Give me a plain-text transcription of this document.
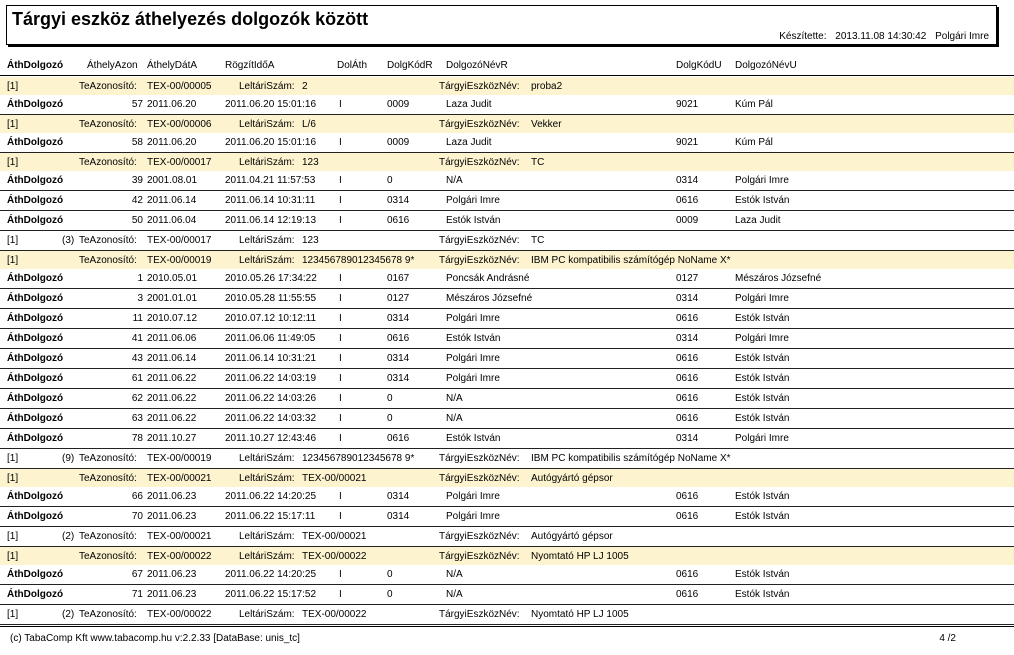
Tárgyi eszköz áthelyezés dolgozók között
Készítette: 2013.11.08 14:30:42 Polgári Imre
ÁthDolgozó ÁthelyAzon ÁthelyDátA	RögzítIdőA	DolÁth DolgKódR DolgozóNévR	DolgKódU DolgozóNévU
[1]	TeAzonosító: TEX-00/00005	LeltáriSzám: 2	TárgyiEszközNév: proba2
ÁthDolgozó	57 2011.06.20	2011.06.20 15:01:16 I	0009	Laza Judit	9021	Kúm Pál
[1]	TeAzonosító: TEX-00/00006	LeltáriSzám: L/6	TárgyiEszközNév: Vekker
ÁthDolgozó	58 2011.06.20	2011.06.20 15:01:16 I	0009	Laza Judit	9021	Kúm Pál
[1]	TeAzonosító: TEX-00/00017	LeltáriSzám: 123	TárgyiEszközNév: TC
ÁthDolgozó	39 2001.08.01	2011.04.21 11:57:53 I	0	N/A	0314	Polgári Imre
ÁthDolgozó	42 2011.06.14	2011.06.14 10:31:11 I	0314	Polgári Imre	0616	Estók István
ÁthDolgozó	50 2011.06.04	2011.06.14 12:19:13 I	0616	Estók István	0009	Laza Judit
[1]	(3) TeAzonosító: TEX-00/00017	LeltáriSzám: 123	TárgyiEszközNév: TC
[1]	TeAzonosító: TEX-00/00019	LeltáriSzám: 123456789012345678 9* TárgyiEszközNév: IBM PC kompatibilis számítógép NoName X*
ÁthDolgozó	1 2010.05.01	2010.05.26 17:34:22 I	0167	Poncsák Andrásné	0127	Mészáros Józsefné
ÁthDolgozó	3 2001.01.01	2010.05.28 11:55:55 I	0127	Mészáros Józsefné	0314	Polgári Imre
ÁthDolgozó	11 2010.07.12	2010.07.12 10:12:11 I	0314	Polgári Imre	0616	Estók István
ÁthDolgozó	41 2011.06.06	2011.06.06 11:49:05 I	0616	Estók István	0314	Polgári Imre
ÁthDolgozó	43 2011.06.14	2011.06.14 10:31:21 I	0314	Polgári Imre	0616	Estók István
ÁthDolgozó	61 2011.06.22	2011.06.22 14:03:19 I	0314	Polgári Imre	0616	Estók István
ÁthDolgozó	62 2011.06.22	2011.06.22 14:03:26 I	0	N/A	0616	Estók István
ÁthDolgozó	63 2011.06.22	2011.06.22 14:03:32 I	0	N/A	0616	Estók István
ÁthDolgozó	78 2011.10.27	2011.10.27 12:43:46 I	0616	Estók István	0314	Polgári Imre
[1]	(9) TeAzonosító: TEX-00/00019	LeltáriSzám: 123456789012345678 9* TárgyiEszközNév: IBM PC kompatibilis számítógép NoName X*
[1]	TeAzonosító: TEX-00/00021	LeltáriSzám: TEX-00/00021	TárgyiEszközNév: Autógyártó gépsor
ÁthDolgozó	66 2011.06.23	2011.06.22 14:20:25 I	0314	Polgári Imre	0616	Estók István
ÁthDolgozó	70 2011.06.23	2011.06.22 15:17:11 I	0314	Polgári Imre	0616	Estók István
[1]	(2) TeAzonosító: TEX-00/00021	LeltáriSzám: TEX-00/00021	TárgyiEszközNév: Autógyártó gépsor
[1]	TeAzonosító: TEX-00/00022	LeltáriSzám: TEX-00/00022	TárgyiEszközNév: Nyomtató HP LJ 1005
ÁthDolgozó	67 2011.06.23	2011.06.22 14:20:25 I	0	N/A	0616	Estók István
ÁthDolgozó	71 2011.06.23	2011.06.22 15:17:52 I	0	N/A	0616	Estók István
[1]	(2) TeAzonosító: TEX-00/00022	LeltáriSzám: TEX-00/00022	TárgyiEszközNév: Nyomtató HP LJ 1005
(c) TabaComp Kft www.tabacomp.hu v:2.2.33 [DataBase: unis_tc]	4 /2
